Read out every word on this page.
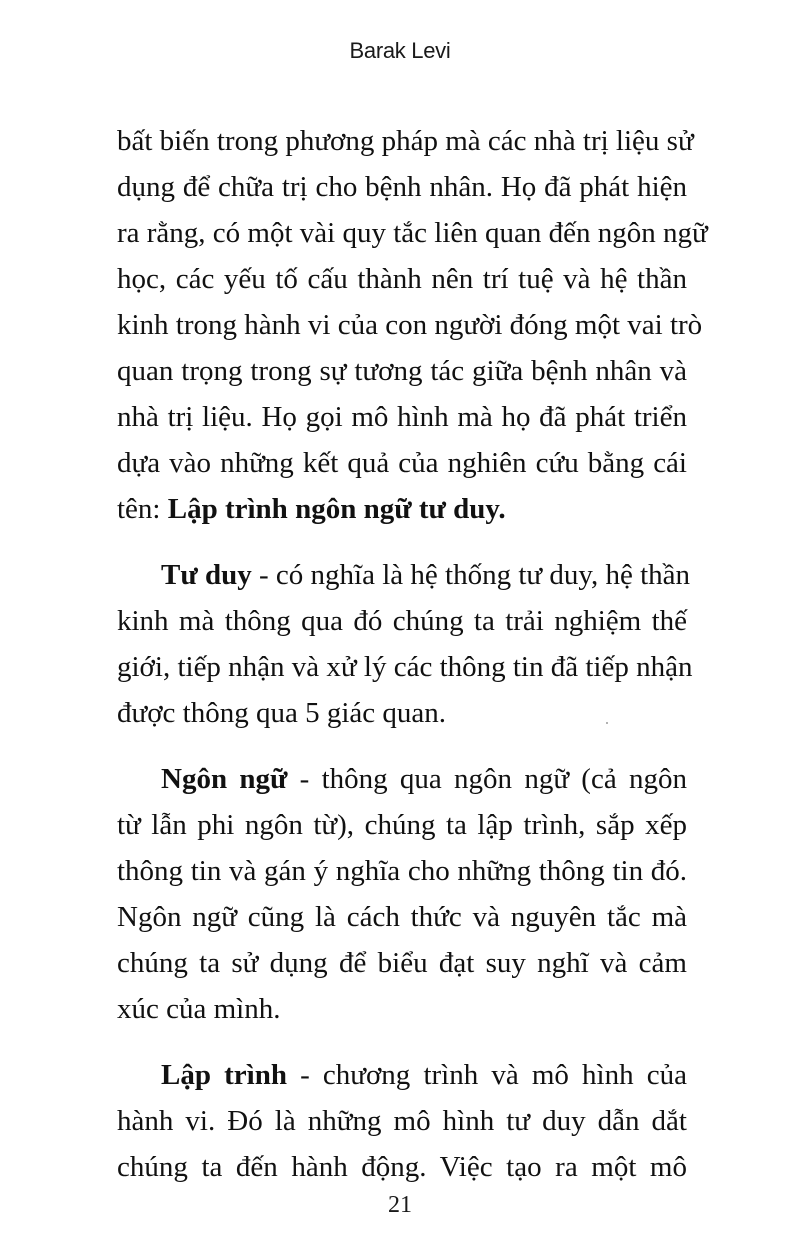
Barak Levi

bất biến trong phương pháp mà các nhà trị liệu sử
dụng để chữa trị cho bệnh nhân. Họ đã phát hiện
ra rằng, có một vài quy tắc liên quan đến ngôn ngữ
học, các yếu tố cấu thành nên trí tuệ và hệ thần
kinh trong hành vi của con người đóng một vai trò
quan trọng trong sự tương tác giữa bệnh nhân và
nhà trị liệu. Họ gọi mô hình mà họ đã phát triển
dựa vào những kết quả của nghiên cứu bằng cái
tên: Lập trình ngôn ngữ tư duy.

Tư duy - có nghĩa là hệ thống tư duy, hệ thần
kinh mà thông qua đó chúng ta trải nghiệm thế
giới, tiếp nhận và xử lý các thông tin đã tiếp nhận
được thông qua 5 giác quan.

Ngôn ngữ - thông qua ngôn ngữ (cả ngôn
từ lẫn phi ngôn từ), chúng ta lập trình, sắp xếp
thông tin và gán ý nghĩa cho những thông tin đó.
Ngôn ngữ cũng là cách thức và nguyên tắc mà
chúng ta sử dụng để biểu đạt suy nghĩ và cảm
xúc của mình.

Lập trình - chương trình và mô hình của
hành vi. Đó là những mô hình tư duy dẫn dắt
chúng ta đến hành động. Việc tạo ra một mô

21
